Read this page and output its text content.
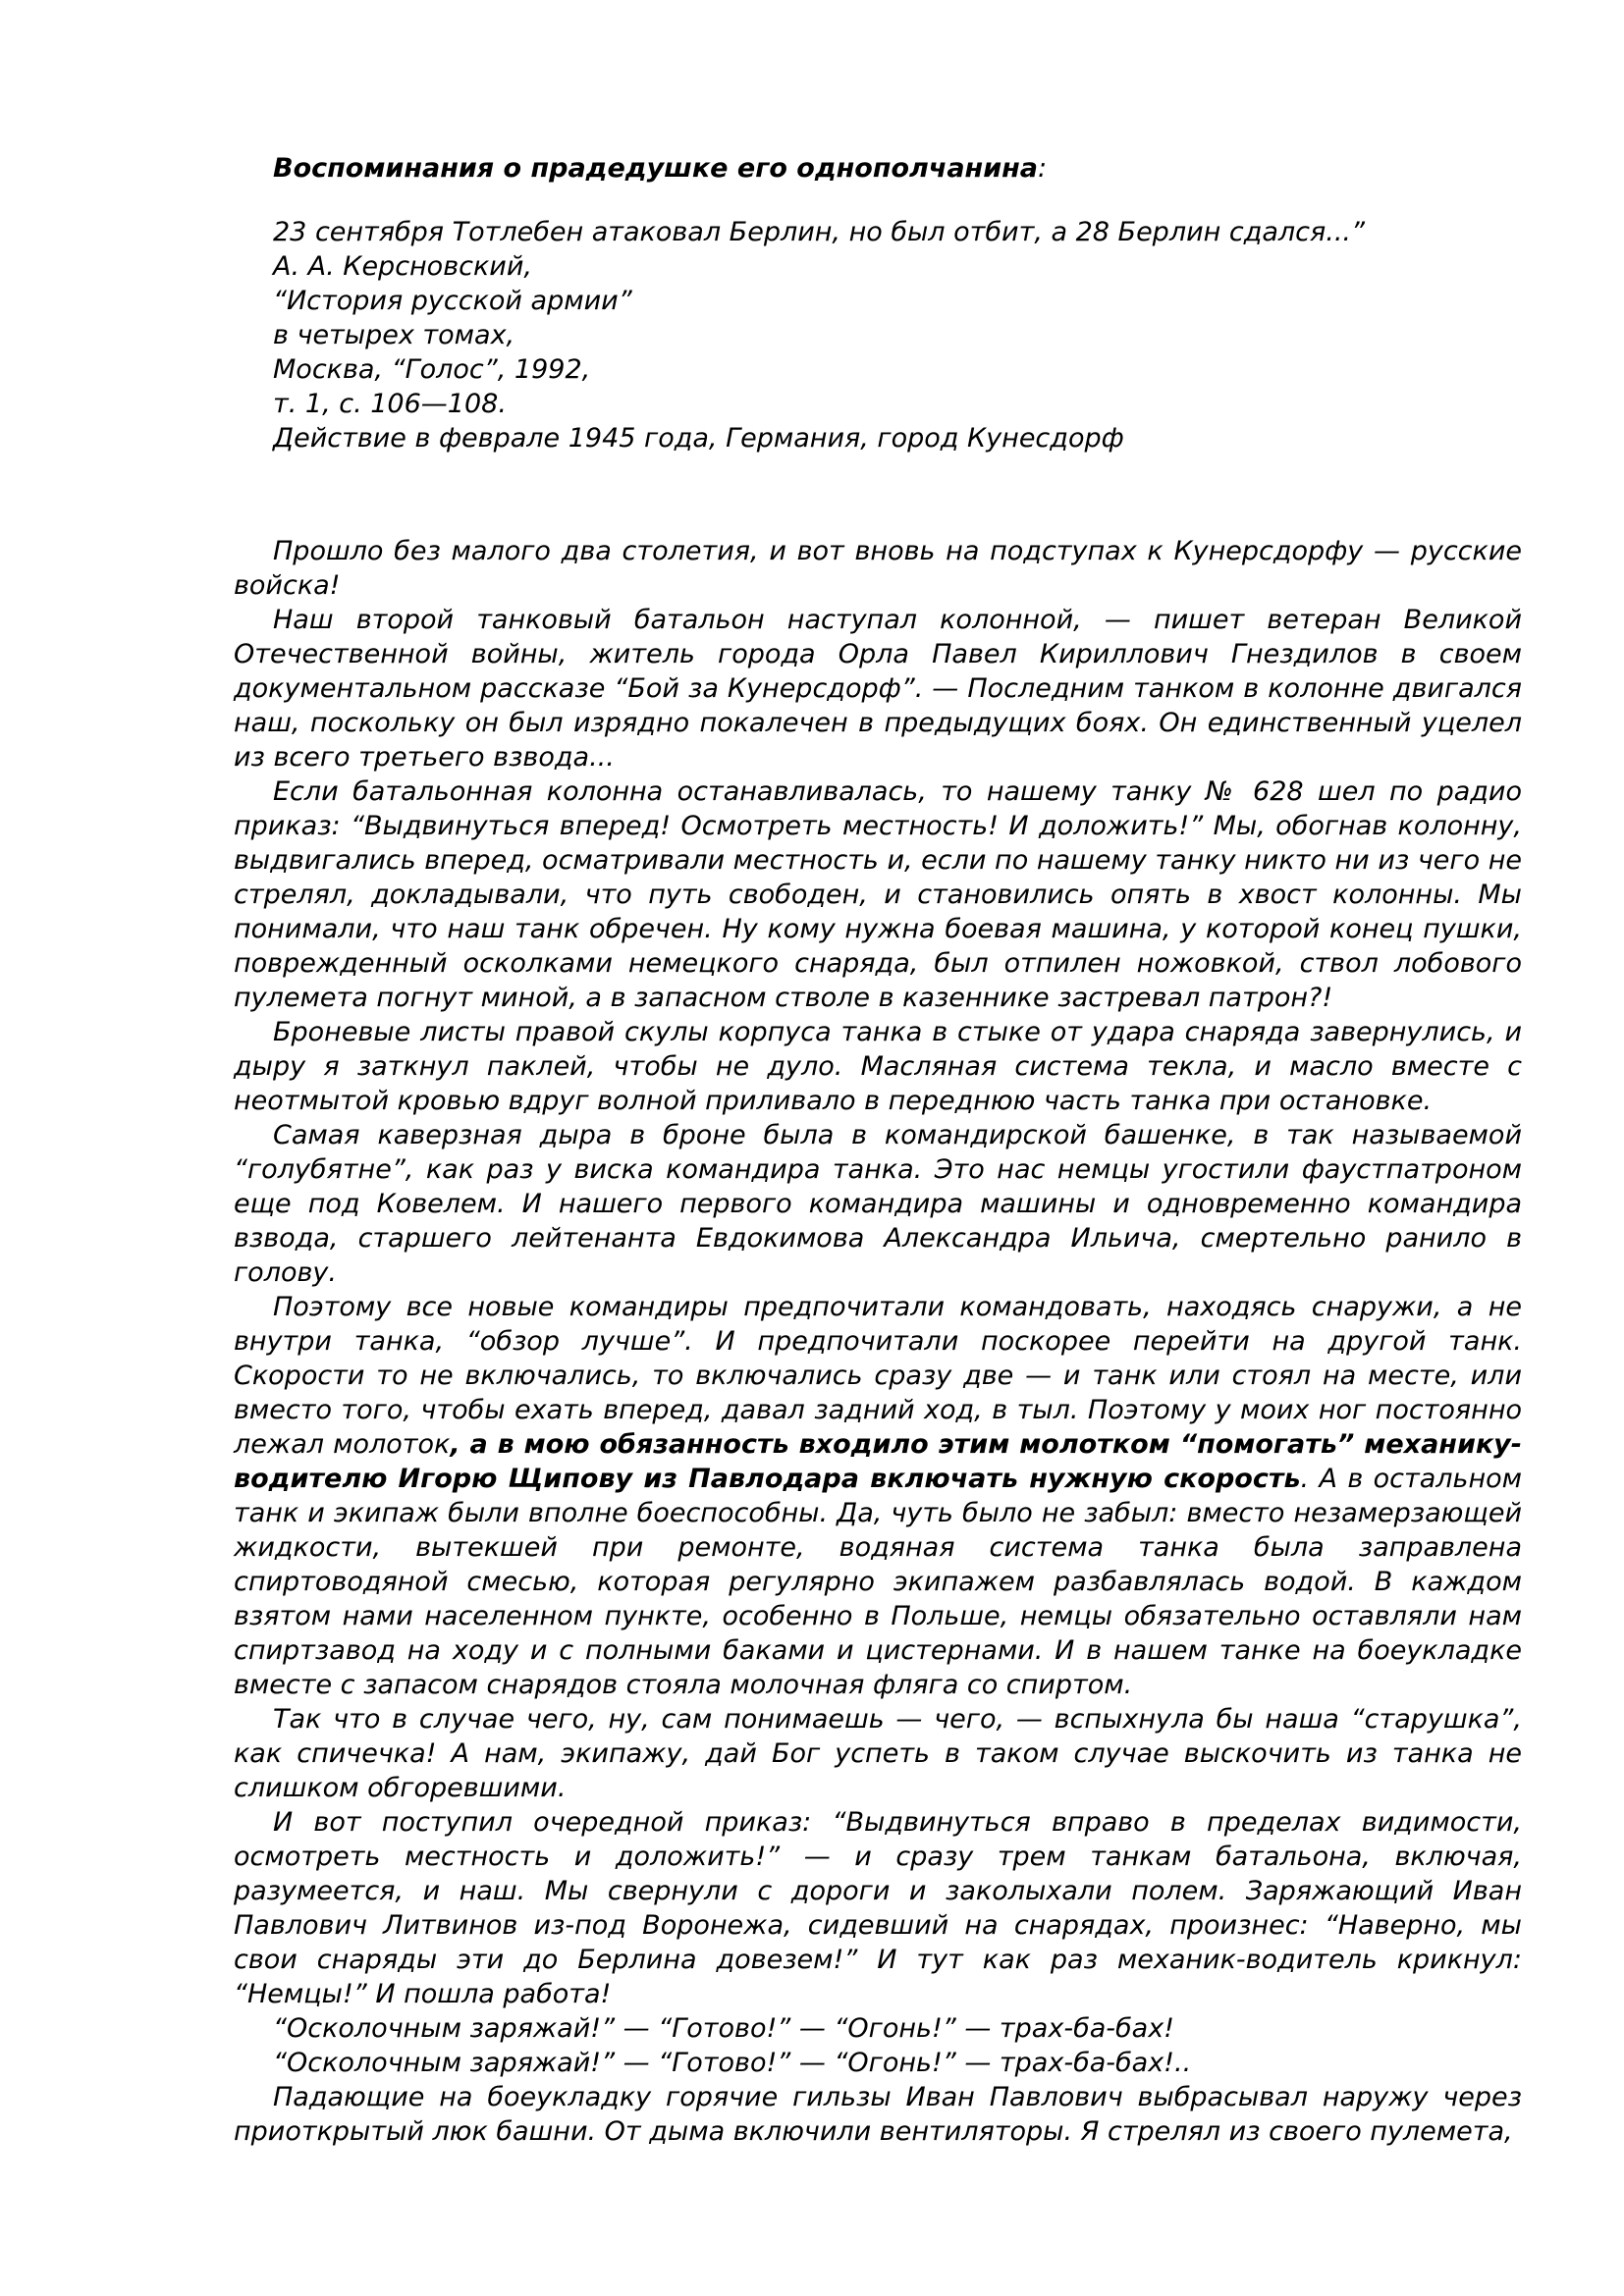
Воспоминания о прадедушке его однополчанина:
23 сентября Тотлебен атаковал Берлин, но был отбит, а 28 Берлин сдался...”
А. А. Керсновский,
“История русской армии”
в четырех томах,
Москва, “Голос”, 1992,
т. 1, с. 106—108.
Действие в феврале 1945 года, Германия, город Кунесдорф

Прошло без малого два столетия, и вот вновь на подступах к Кунерсдорфу — русские войска!

Наш второй танковый батальон наступал колонной, — пишет ветеран Великой Отечественной войны, житель города Орла Павел Кириллович Гнездилов в своем документальном рассказе “Бой за Кунерсдорф”. — Последним танком в колонне двигался наш, поскольку он был изрядно покалечен в предыдущих боях. Он единственный уцелел из всего третьего взвода...

Если батальонная колонна останавливалась, то нашему танку № 628 шел по радио приказ: “Выдвинуться вперед! Осмотреть местность! И доложить!” Мы, обогнав колонну, выдвигались вперед, осматривали местность и, если по нашему танку никто ни из чего не стрелял, докладывали, что путь свободен, и становились опять в хвост колонны. Мы понимали, что наш танк обречен. Ну кому нужна боевая машина, у которой конец пушки, поврежденный осколками немецкого снаряда, был отпилен ножовкой, ствол лобового пулемета погнут миной, а в запасном стволе в казеннике застревал патрон?!

Броневые листы правой скулы корпуса танка в стыке от удара снаряда завернулись, и дыру я заткнул паклей, чтобы не дуло. Масляная система текла, и масло вместе с неотмытой кровью вдруг волной приливало в переднюю часть танка при остановке.

Самая каверзная дыра в броне была в командирской башенке, в так называемой “голубятне”, как раз у виска командира танка. Это нас немцы угостили фаустпатроном еще под Ковелем. И нашего первого командира машины и одновременно командира взвода, старшего лейтенанта Евдокимова Александра Ильича, смертельно ранило в голову.

Поэтому все новые командиры предпочитали командовать, находясь снаружи, а не внутри танка, “обзор лучше”. И предпочитали поскорее перейти на другой танк. Скорости то не включались, то включались сразу две — и танк или стоял на месте, или вместо того, чтобы ехать вперед, давал задний ход, в тыл. Поэтому у моих ног постоянно лежал молоток, а в мою обязанность входило этим молотком “помогать” механику-водителю Игорю Щипову из Павлодара включать нужную скорость. А в остальном танк и экипаж были вполне боеспособны. Да, чуть было не забыл: вместо незамерзающей жидкости, вытекшей при ремонте, водяная система танка была заправлена спиртоводяной смесью, которая регулярно экипажем разбавлялась водой. В каждом взятом нами населенном пункте, особенно в Польше, немцы обязательно оставляли нам спиртзавод на ходу и с полными баками и цистернами. И в нашем танке на боеукладке вместе с запасом снарядов стояла молочная фляга со спиртом.

Так что в случае чего, ну, сам понимаешь — чего, — вспыхнула бы наша “старушка”, как спичечка! А нам, экипажу, дай Бог успеть в таком случае выскочить из танка не слишком обгоревшими.

И вот поступил очередной приказ: “Выдвинуться вправо в пределах видимости, осмотреть местность и доложить!” — и сразу трем танкам батальона, включая, разумеется, и наш. Мы свернули с дороги и заколыхали полем. Заряжающий Иван Павлович Литвинов из-под Воронежа, сидевший на снарядах, произнес: “Наверно, мы свои снаряды эти до Берлина довезем!” И тут как раз механик-водитель крикнул: “Немцы!” И пошла работа!

“Осколочным заряжай!” — “Готово!” — “Огонь!” — трах-ба-бах!

“Осколочным заряжай!” — “Готово!” — “Огонь!” — трах-ба-бах!..

Падающие на боеукладку горячие гильзы Иван Павлович выбрасывал наружу через приоткрытый люк башни. От дыма включили вентиляторы. Я стрелял из своего пулемета,
